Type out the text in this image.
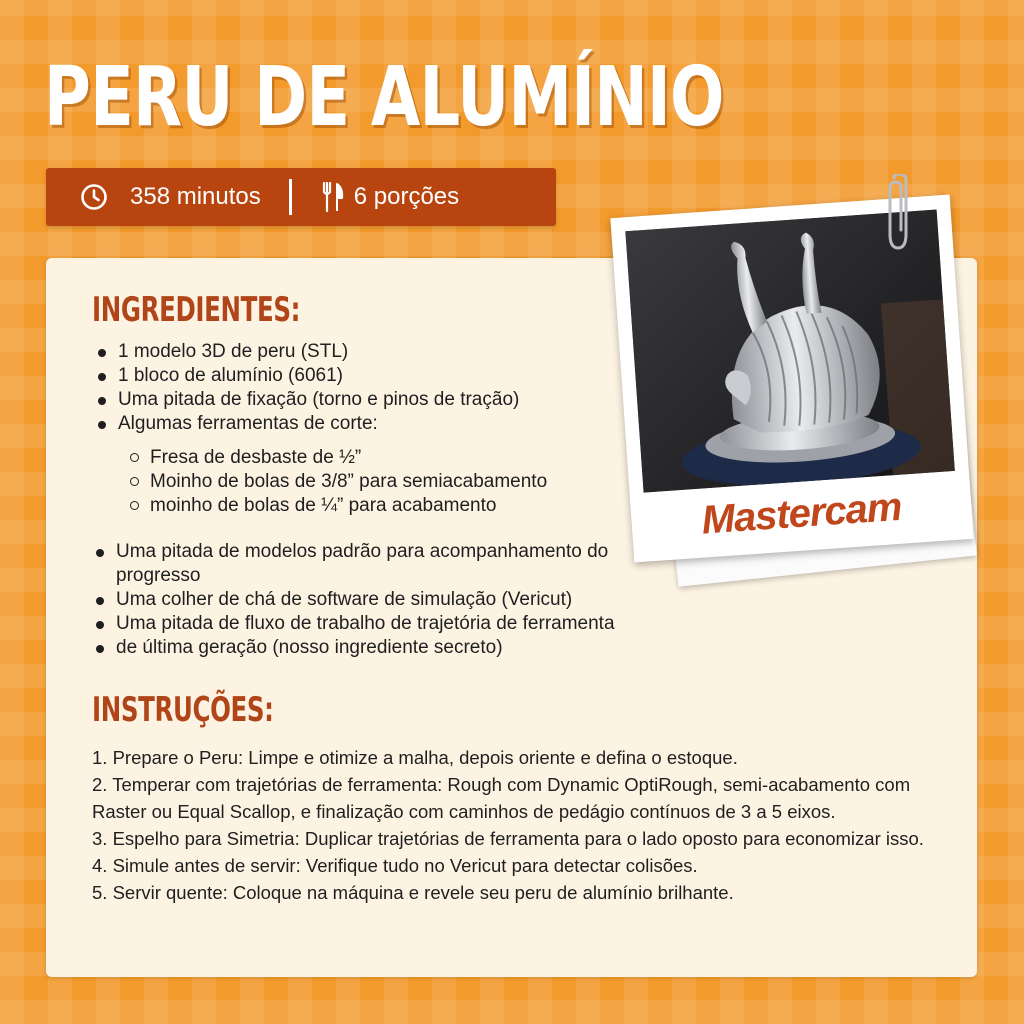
PERU DE ALUMÍNIO
358 minutos	6 porções
INGREDIENTES:
1 modelo 3D de peru (STL)
1 bloco de alumínio (6061)
Uma pitada de fixação (torno e pinos de tração)
Algumas ferramentas de corte:
Fresa de desbaste de ½”
Moinho de bolas de 3/8” para semiacabamento
moinho de bolas de ¼” para acabamento
Uma pitada de modelos padrão para acompanhamento do progresso
Uma colher de chá de software de simulação (Vericut)
Uma pitada de fluxo de trabalho de trajetória de ferramenta
de última geração (nosso ingrediente secreto)
INSTRUÇÕES:

1. Prepare o Peru: Limpe e otimize a malha, depois oriente e defina o estoque.

2. Temperar com trajetórias de ferramenta: Rough com Dynamic OptiRough, semi-acabamento com Raster ou Equal Scallop, e finalização com caminhos de pedágio contínuos de 3 a 5 eixos.

3. Espelho para Simetria: Duplicar trajetórias de ferramenta para o lado oposto para economizar isso.

4. Simule antes de servir: Verifique tudo no Vericut para detectar colisões.

5. Servir quente: Coloque na máquina e revele seu peru de alumínio brilhante.

Mastercam
